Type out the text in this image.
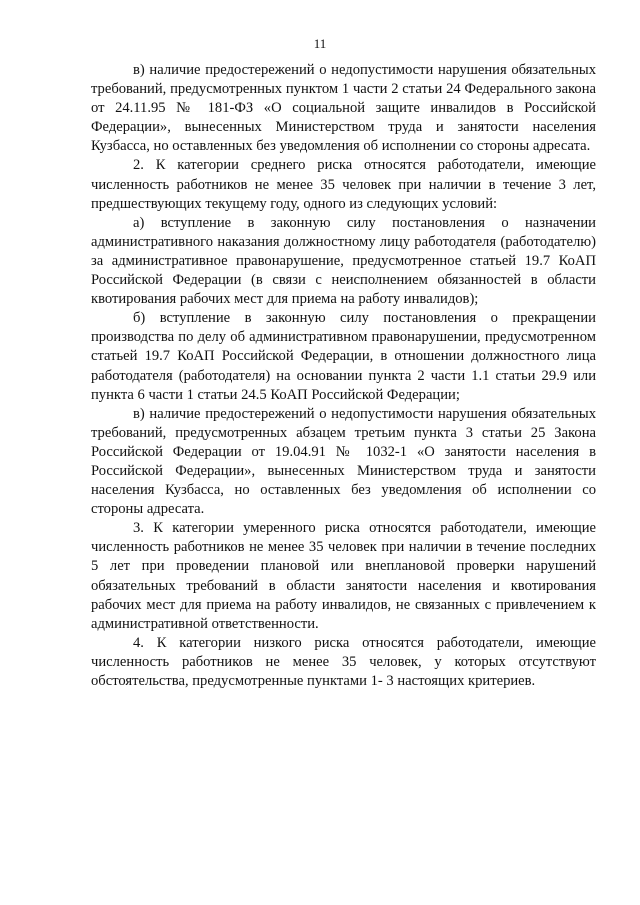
11

в) наличие предостережений о недопустимости нарушения обязательных требований, предусмотренных пунктом 1 части 2 статьи 24 Федерального закона от 24.11.95 № 181-ФЗ «О социальной защите инвалидов в Российской Федерации», вынесенных Министерством труда и занятости населения Кузбасса, но оставленных без уведомления об исполнении со стороны адресата.

2. К категории среднего риска относятся работодатели, имеющие численность работников не менее 35 человек при наличии в течение 3 лет, предшествующих текущему году, одного из следующих условий:

а) вступление в законную силу постановления о назначении административного наказания должностному лицу работодателя (работодателю) за административное правонарушение, предусмотренное статьей 19.7 КоАП Российской Федерации (в связи с неисполнением обязанностей в области квотирования рабочих мест для приема на работу инвалидов);

б) вступление в законную силу постановления о прекращении производства по делу об административном правонарушении, предусмотренном статьей 19.7 КоАП Российской Федерации, в отношении должностного лица работодателя (работодателя) на основании пункта 2 части 1.1 статьи 29.9 или пункта 6 части 1 статьи 24.5 КоАП Российской Федерации;

в) наличие предостережений о недопустимости нарушения обязательных требований, предусмотренных абзацем третьим пункта 3 статьи 25 Закона Российской Федерации от 19.04.91 № 1032-1 «О занятости населения в Российской Федерации», вынесенных Министерством труда и занятости населения Кузбасса, но оставленных без уведомления об исполнении со стороны адресата.

3. К категории умеренного риска относятся работодатели, имеющие численность работников не менее 35 человек при наличии в течение последних 5 лет при проведении плановой или внеплановой проверки нарушений обязательных требований в области занятости населения и квотирования рабочих мест для приема на работу инвалидов, не связанных с привлечением к административной ответственности.

4. К категории низкого риска относятся работодатели, имеющие численность работников не менее 35 человек, у которых отсутствуют обстоятельства, предусмотренные пунктами 1- 3 настоящих критериев.
